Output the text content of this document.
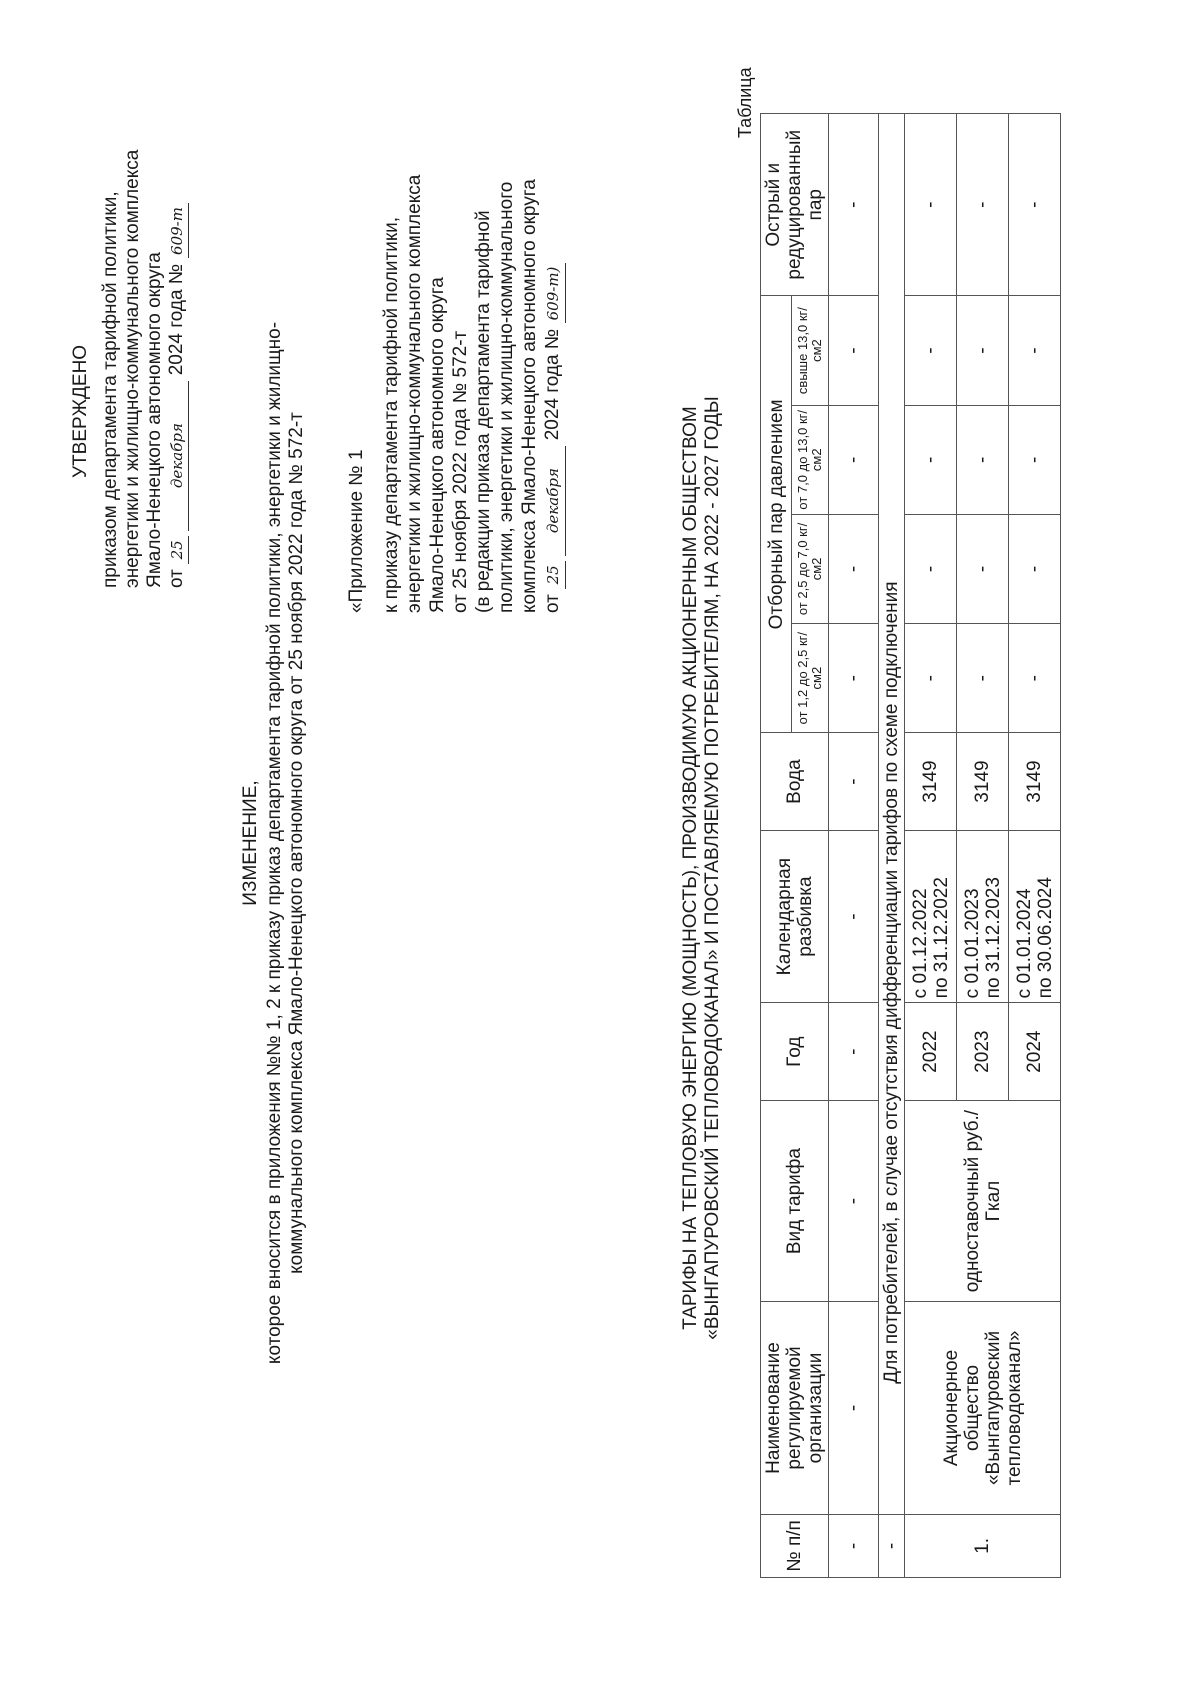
УТВЕРЖДЕНО приказом департамента тарифной политики, энергетики и жилищно-коммунального комплекса Ямало-Ненецкого автономного округа от 25 декабря 2024 года № 609-т
«Приложение № 1 к приказу департамента тарифной политики, энергетики и жилищно-коммунального комплекса Ямало-Ненецкого автономного округа от 25 ноября 2022 года № 572-т (в редакции приказа департамента тарифной политики, энергетики и жилищно-коммунального комплекса Ямало-Ненецкого автономного округа от 25 декабря 2024 года № 609-т)
ИЗМЕНЕНИЕ, которое вносится в приложения №№ 1, 2 к приказу приказ департамента тарифной политики, энергетики и жилищно- коммунального комплекса Ямало-Ненецкого автономного округа от 25 ноября 2022 года № 572-т	ТАРИФЫ НА ТЕПЛОВУЮ ЭНЕРГИЮ (МОЩНОСТЬ), ПРОИЗВОДИМУЮ АКЦИОНЕРНЫМ ОБЩЕСТВОМ «ВЫНГАПУРОВСКИЙ ТЕПЛОВОДОКАНАЛ» И ПОСТАВЛЯЕМУЮ ПОТРЕБИТЕЛЯМ, НА 2022 - 2027 ГОДЫ
Таблица
№ п/п	Наименование регулируемой организации	Вид тарифа	Год	Календарная разбивка	Вода	Отборный пар давлением				Острый и редуцированный пар
						от 1,2 до 2,5 кг/см2	от 2,5 до 7,0 кг/см2	от 7,0 до 13,0 кг/см2	свыше 13,0 кг/см2	
-	-	-	-	-	-	-	-	-	-	-
-	Для потребителей, в случае отсутствия дифференциации тарифов по схеме подключения									
1.	Акционерное общество «Вынгапуровский тепловодоканал»	одноставочный руб./Гкал	2022	с 01.12.2022 по 31.12.2022	3149	-	-	-	-	-
			2023	с 01.01.2023 по 31.12.2023	3149	-	-	-	-	-
			2024	с 01.01.2024 по 30.06.2024	3149	-	-	-	-	-
